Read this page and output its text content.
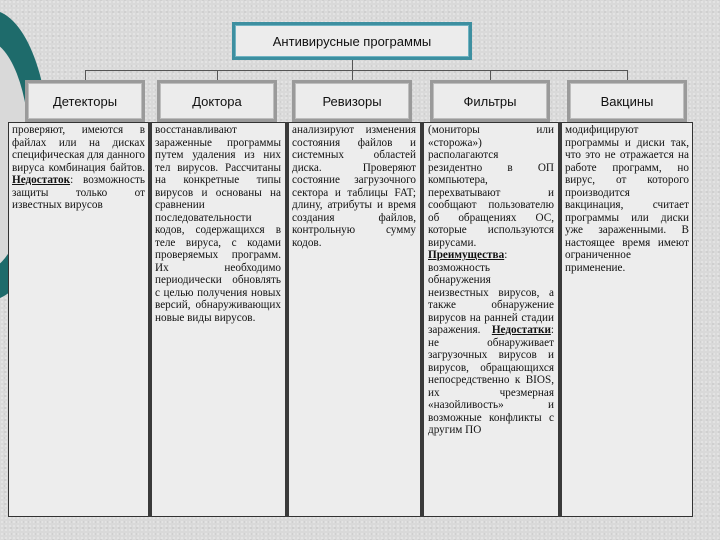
Антивирусные программы
Детекторы	Доктора	Ревизоры	Фильтры	Вакцины
проверяют, имеются в файлах или на дисках специфическая для данного вируса комбинация байтов. Недостаток: возможность защиты только от известных вирусов
восстанавливают зараженные программы путем удаления из них тел вирусов. Рассчитаны на конкретные типы вирусов и основаны на сравнении последовательности кодов, содержащихся в теле вируса, с кодами проверяемых программ. Их необходимо периодически обновлять с целью получения новых версий, обнаруживающих новые виды вирусов.
анализируют изменения состояния файлов и системных областей диска. Проверяют состояние загрузочного сектора и таблицы FAT; длину, атрибуты и время создания файлов, контрольную сумму кодов.
(мониторы или «сторожа») располагаются резидентно в ОП компьютера, перехватывают и сообщают пользователю об обращениях ОС, которые используются вирусами. Преимущества: возможность обнаружения неизвестных вирусов, а также обнаружение вирусов на ранней стадии заражения. Недостатки: не обнаруживает загрузочных вирусов и вирусов, обращающихся непосредственно к BIOS, их чрезмерная «назойливость» и возможные конфликты с другим ПО
модифицируют программы и диски так, что это не отражается на работе программ, но вирус, от которого производится вакцинация, считает программы или диски уже зараженными. В настоящее время имеют ограниченное применение.
